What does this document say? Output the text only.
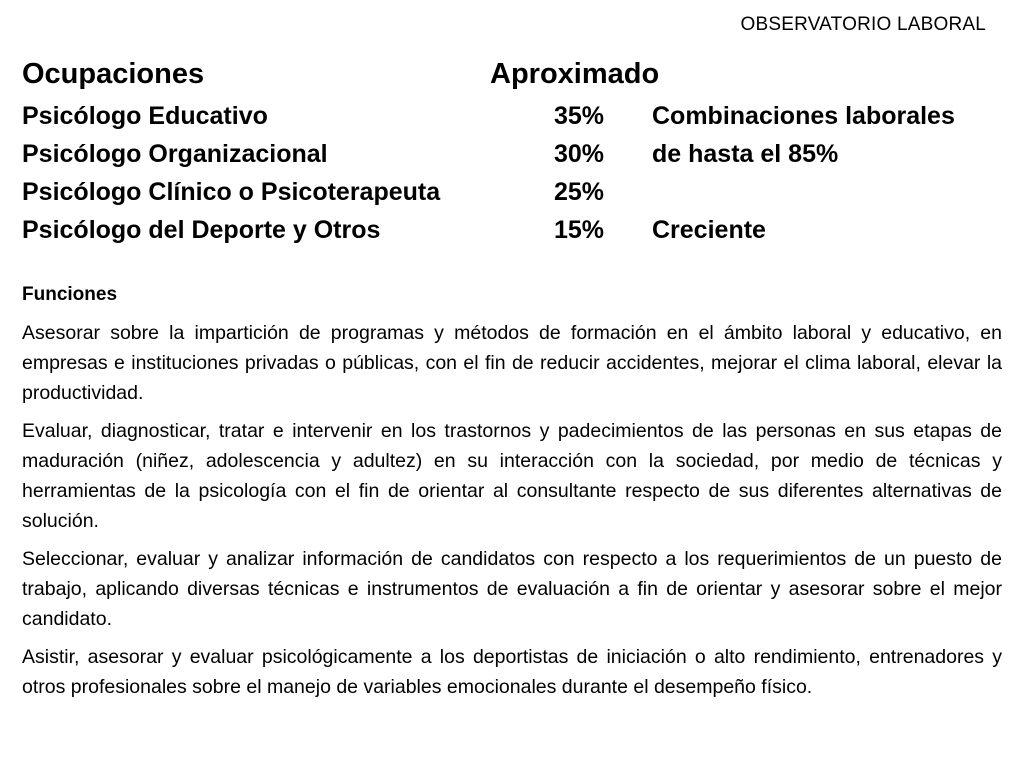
OBSERVATORIO LABORAL
Ocupaciones	Aproximado
Psicólogo Educativo	35% Combinaciones laborales
Psicólogo Organizacional	30% de hasta el 85%
Psicólogo Clínico o Psicoterapeuta	25%
Psicólogo del Deporte y Otros	15% Creciente
Funciones

Asesorar sobre la impartición de programas y métodos de formación en el ámbito laboral y educativo, en empresas e instituciones privadas o públicas, con el fin de reducir accidentes, mejorar el clima laboral, elevar la productividad.

Evaluar, diagnosticar, tratar e intervenir en los trastornos y padecimientos de las personas en sus etapas de maduración (niñez, adolescencia y adultez) en su interacción con la sociedad, por medio de técnicas y herramientas de la psicología con el fin de orientar al consultante respecto de sus diferentes alternativas de solución.

Seleccionar, evaluar y analizar información de candidatos con respecto a los requerimientos de un puesto de trabajo, aplicando diversas técnicas e instrumentos de evaluación a fin de orientar y asesorar sobre el mejor candidato.

Asistir, asesorar y evaluar psicológicamente a los deportistas de iniciación o alto rendimiento, entrenadores y otros profesionales sobre el manejo de variables emocionales durante el desempeño físico.
